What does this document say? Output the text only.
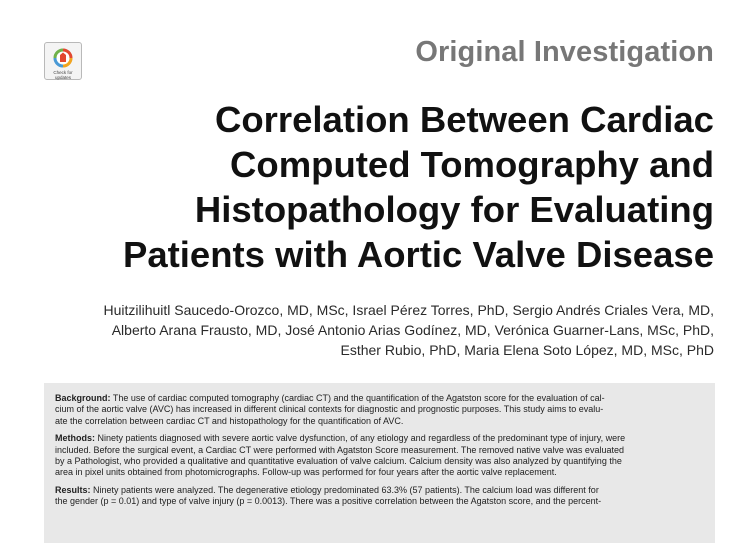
Check for
updates
Original Investigation
Correlation Between Cardiac
Computed Tomography and
Histopathology for Evaluating
Patients with Aortic Valve Disease
Huitzilihuitl Saucedo-Orozco, MD, MSc, Israel Pérez Torres, PhD, Sergio Andrés Criales Vera, MD,
Alberto Arana Frausto, MD, José Antonio Arias Godínez, MD, Verónica Guarner-Lans, MSc, PhD,
Esther Rubio, PhD, Maria Elena Soto López, MD, MSc, PhD
Background: The use of cardiac computed tomography (cardiac CT) and the quantification of the Agatston score for the evaluation of cal-
cium of the aortic valve (AVC) has increased in different clinical contexts for diagnostic and prognostic purposes. This study aims to evalu-
ate the correlation between cardiac CT and histopathology for the quantification of AVC.
Methods: Ninety patients diagnosed with severe aortic valve dysfunction, of any etiology and regardless of the predominant type of injury, were
included. Before the surgical event, a Cardiac CT were performed with Agatston Score measurement. The removed native valve was evaluated
by a Pathologist, who provided a qualitative and quantitative evaluation of valve calcium. Calcium density was also analyzed by quantifying the
area in pixel units obtained from photomicrographs. Follow-up was performed for four years after the aortic valve replacement.
Results: Ninety patients were analyzed. The degenerative etiology predominated 63.3% (57 patients). The calcium load was different for
the gender (p = 0.01) and type of valve injury (p = 0.0013). There was a positive correlation between the Agatston score, and the percent-
